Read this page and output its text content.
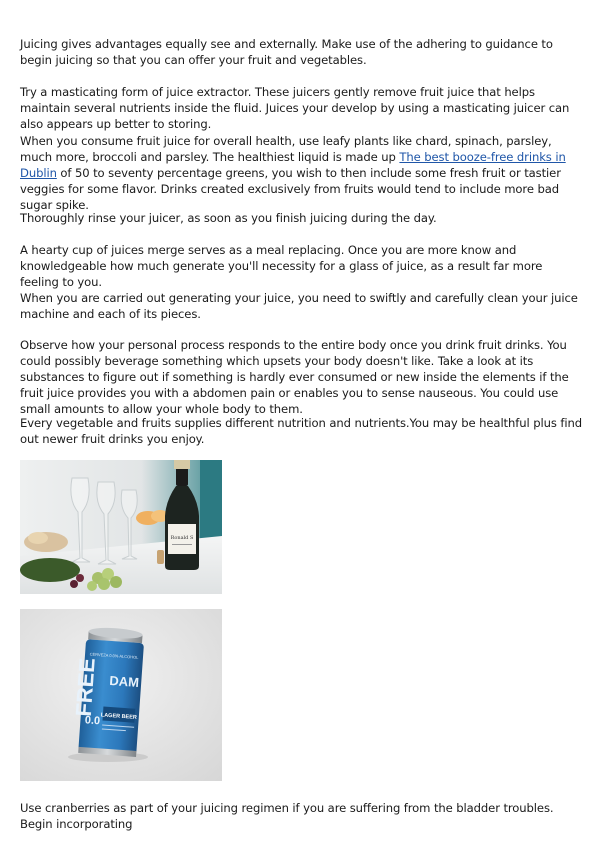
Juicing gives advantages equally see and externally. Make use of the adhering to guidance to begin juicing so that you can offer your fruit and vegetables.

Try a masticating form of juice extractor. These juicers gently remove fruit juice that helps maintain several nutrients inside the fluid. Juices your develop by using a masticating juicer can also appears up better to storing.

When you consume fruit juice for overall health, use leafy plants like chard, spinach, parsley, much more, broccoli and parsley. The healthiest liquid is made up The best booze-free drinks in Dublin of 50 to seventy percentage greens, you wish to then include some fresh fruit or tastier veggies for some flavor. Drinks created exclusively from fruits would tend to include more bad sugar spike.

Thoroughly rinse your juicer, as soon as you finish juicing during the day.

A hearty cup of juices merge serves as a meal replacing. Once you are more know and knowledgeable how much generate you'll necessity for a glass of juice, as a result far more feeling to you.

When you are carried out generating your juice, you need to swiftly and carefully clean your juice machine and each of its pieces.

Observe how your personal process responds to the entire body once you drink fruit drinks. You could possibly beverage something which upsets your body doesn't like. Take a look at its substances to figure out if something is hardly ever consumed or new inside the elements if the fruit juice provides you with a abdomen pain or enables you to sense nauseous. You could use small amounts to allow your whole body to them.

Every vegetable and fruits supplies different nutrition and nutrients.You may be healthful plus find out newer fruit drinks you enjoy.

Ronald S
CERVEZA 0.0% ALCOHOL
FREE DAM
0.0 LAGER BEER

Use cranberries as part of your juicing regimen if you are suffering from the bladder troubles. Begin incorporating
